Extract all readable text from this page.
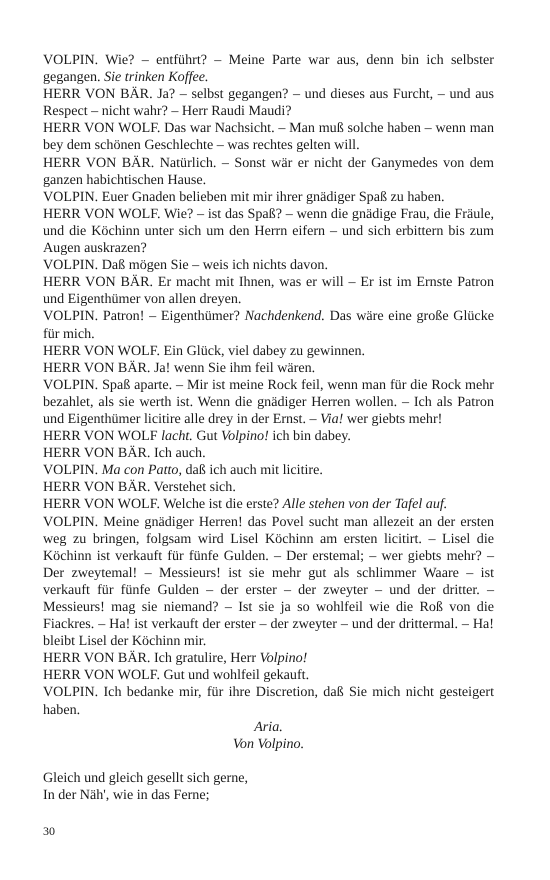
VOLPIN. Wie? – entführt? – Meine Parte war aus, denn bin ich selbster gegangen. Sie trinken Koffee.

HERR VON BÄR. Ja? – selbst gegangen? – und dieses aus Furcht, – und aus Respect – nicht wahr? – Herr Raudi Maudi?

HERR VON WOLF. Das war Nachsicht. – Man muß solche haben – wenn man bey dem schönen Geschlechte – was rechtes gelten will.

HERR VON BÄR. Natürlich. – Sonst wär er nicht der Ganymedes von dem ganzen habichtischen Hause.

VOLPIN. Euer Gnaden belieben mit mir ihrer gnädiger Spaß zu haben.

HERR VON WOLF. Wie? – ist das Spaß? – wenn die gnädige Frau, die Fräule, und die Köchinn unter sich um den Herrn eifern – und sich erbittern bis zum Augen auskrazen?

VOLPIN. Daß mögen Sie – weis ich nichts davon.

HERR VON BÄR. Er macht mit Ihnen, was er will – Er ist im Ernste Patron und Eigenthümer von allen dreyen.

VOLPIN. Patron! – Eigenthümer? Nachdenkend. Das wäre eine große Glücke für mich.

HERR VON WOLF. Ein Glück, viel dabey zu gewinnen.

HERR VON BÄR. Ja! wenn Sie ihm feil wären.

VOLPIN. Spaß aparte. – Mir ist meine Rock feil, wenn man für die Rock mehr bezahlet, als sie werth ist. Wenn die gnädiger Herren wollen. – Ich als Patron und Eigenthümer licitire alle drey in der Ernst. – Via! wer giebts mehr!

HERR VON WOLF lacht. Gut Volpino! ich bin dabey.

HERR VON BÄR. Ich auch.

VOLPIN. Ma con Patto, daß ich auch mit licitire.

HERR VON BÄR. Verstehet sich.

HERR VON WOLF. Welche ist die erste? Alle stehen von der Tafel auf.

VOLPIN. Meine gnädiger Herren! das Povel sucht man allezeit an der ersten weg zu bringen, folgsam wird Lisel Köchinn am ersten licitirt. – Lisel die Köchinn ist verkauft für fünfe Gulden. – Der erstemal; – wer giebts mehr? – Der zweytemal! – Messieurs! ist sie mehr gut als schlimmer Waare – ist verkauft für fünfe Gulden – der erster – der zweyter – und der dritter. – Messieurs! mag sie niemand? – Ist sie ja so wohlfeil wie die Roß von die Fiackres. – Ha! ist verkauft der erster – der zweyter – und der drittermal. – Ha! bleibt Lisel der Köchinn mir.

HERR VON BÄR. Ich gratulire, Herr Volpino!

HERR VON WOLF. Gut und wohlfeil gekauft.

VOLPIN. Ich bedanke mir, für ihre Discretion, daß Sie mich nicht gesteigert haben.

Aria.

Von Volpino.

Gleich und gleich gesellt sich gerne,

In der Näh', wie in das Ferne;

30
